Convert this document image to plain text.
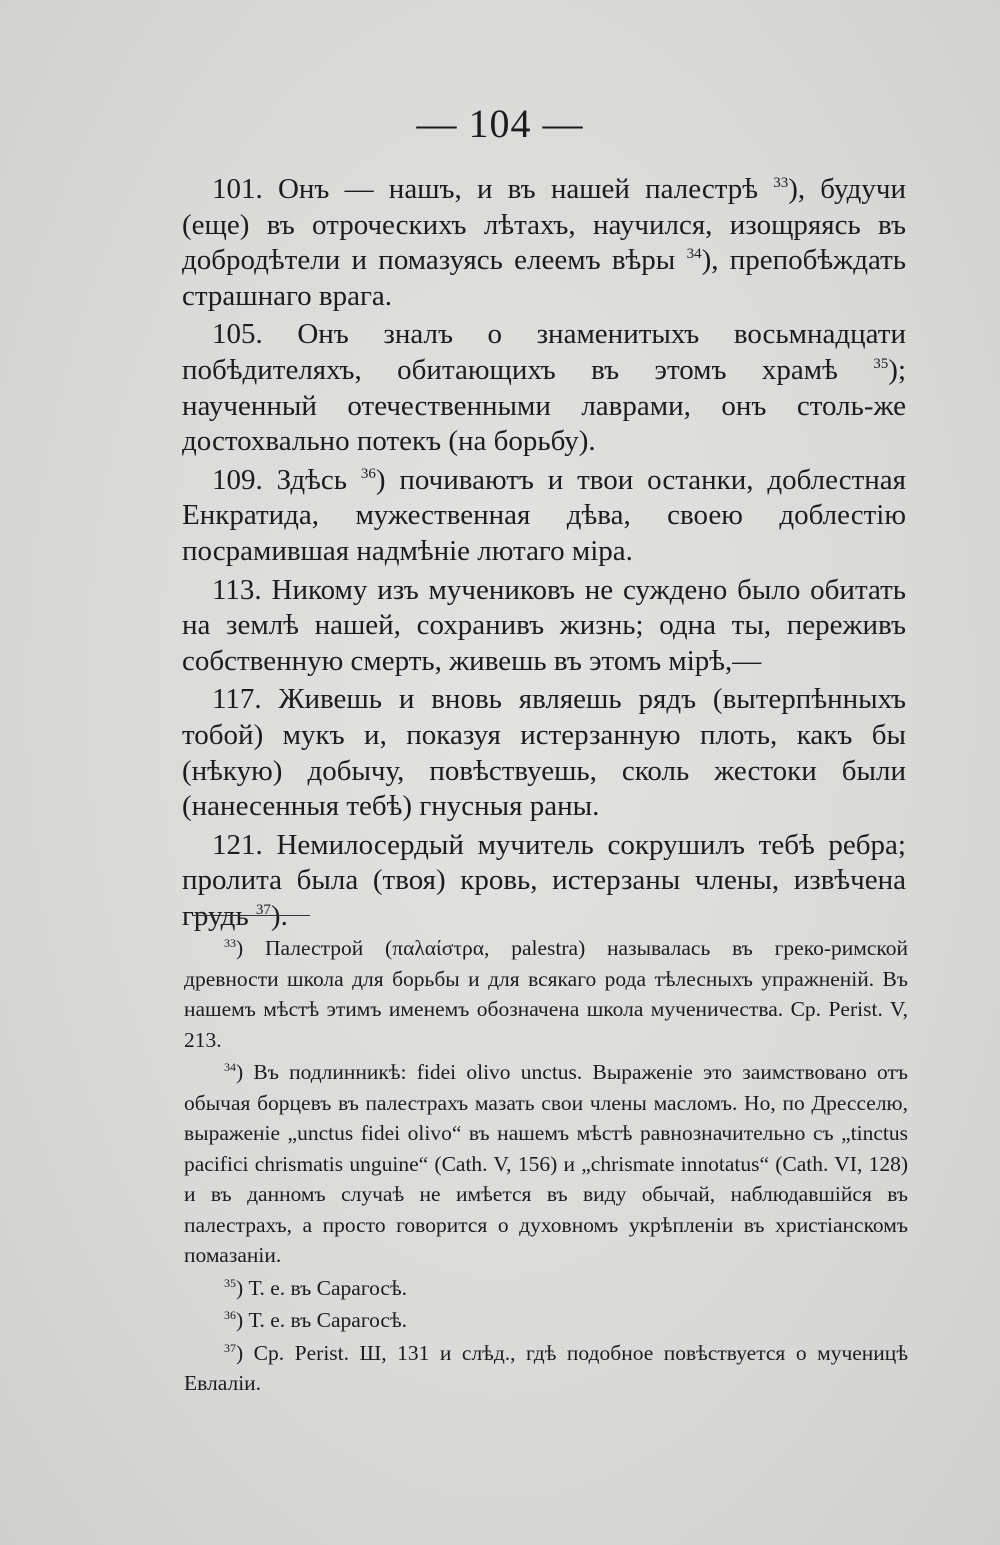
— 104 —

101. Онъ — нашъ, и въ нашей палестрѣ $^{33}$), будучи (еще) въ отроческихъ лѣтахъ, научился, изощряясь въ добродѣтели и помазуясь елеемъ вѣры $^{34}$), препобѣждать страшнаго врага.

105. Онъ зналъ о знаменитыхъ восьмнадцати побѣдителяхъ, обитающихъ въ этомъ храмѣ $^{35}$); наученный отечественными лаврами, онъ столь-же достохвально потекъ (на борьбу).

109. Здѣсь $^{36}$) почиваютъ и твои останки, доблестная Енкратида, мужественная дѣва, своею доблестію посрамившая надмѣніе лютаго міра.

113. Никому изъ мучениковъ не суждено было обитать на землѣ нашей, сохранивъ жизнь; одна ты, переживъ собственную смерть, живешь въ этомъ мірѣ,—

117. Живешь и вновь являешь рядъ (вытерпѣнныхъ тобой) мукъ и, показуя истерзанную плоть, какъ бы (нѣкую) добычу, повѣствуешь, сколь жестоки были (нанесенныя тебѣ) гнусныя раны.

121. Немилосердый мучитель сокрушилъ тебѣ ребра; пролита была (твоя) кровь, истерзаны члены, извѣчена грудь $^{37}$).

$^{33}$) Палестрой (παλαίστρα, palestra) называлась въ греко-римской древности школа для борьбы и для всякаго рода тѣлесныхъ упражненій. Въ нашемъ мѣстѣ этимъ именемъ обозначена школа мученичества. Ср. Perist. V, 213.

$^{34}$) Въ подлинникѣ: fidei olivo unctus. Выраженіе это заимствовано отъ обычая борцевъ въ палестрахъ мазать свои члены масломъ. Но, по Дресселю, выраженіе „unctus fidei olivo“ въ нашемъ мѣстѣ равнозначительно съ „tinctus pacifici chrismatis unguine“ (Cath. V, 156) и „chrismate innotatus“ (Cath. VI, 128) и въ данномъ случаѣ не имѣется въ виду обычай, наблюдавшійся въ палестрахъ, а просто говорится о духовномъ укрѣпленіи въ христіанскомъ помазаніи.

$^{35}$) Т. е. въ Сарагосѣ.

$^{36}$) Т. е. въ Сарагосѣ.

$^{37}$) Ср. Perist. Ш, 131 и слѣд., гдѣ подобное повѣствуется о мученицѣ Евлаліи.
